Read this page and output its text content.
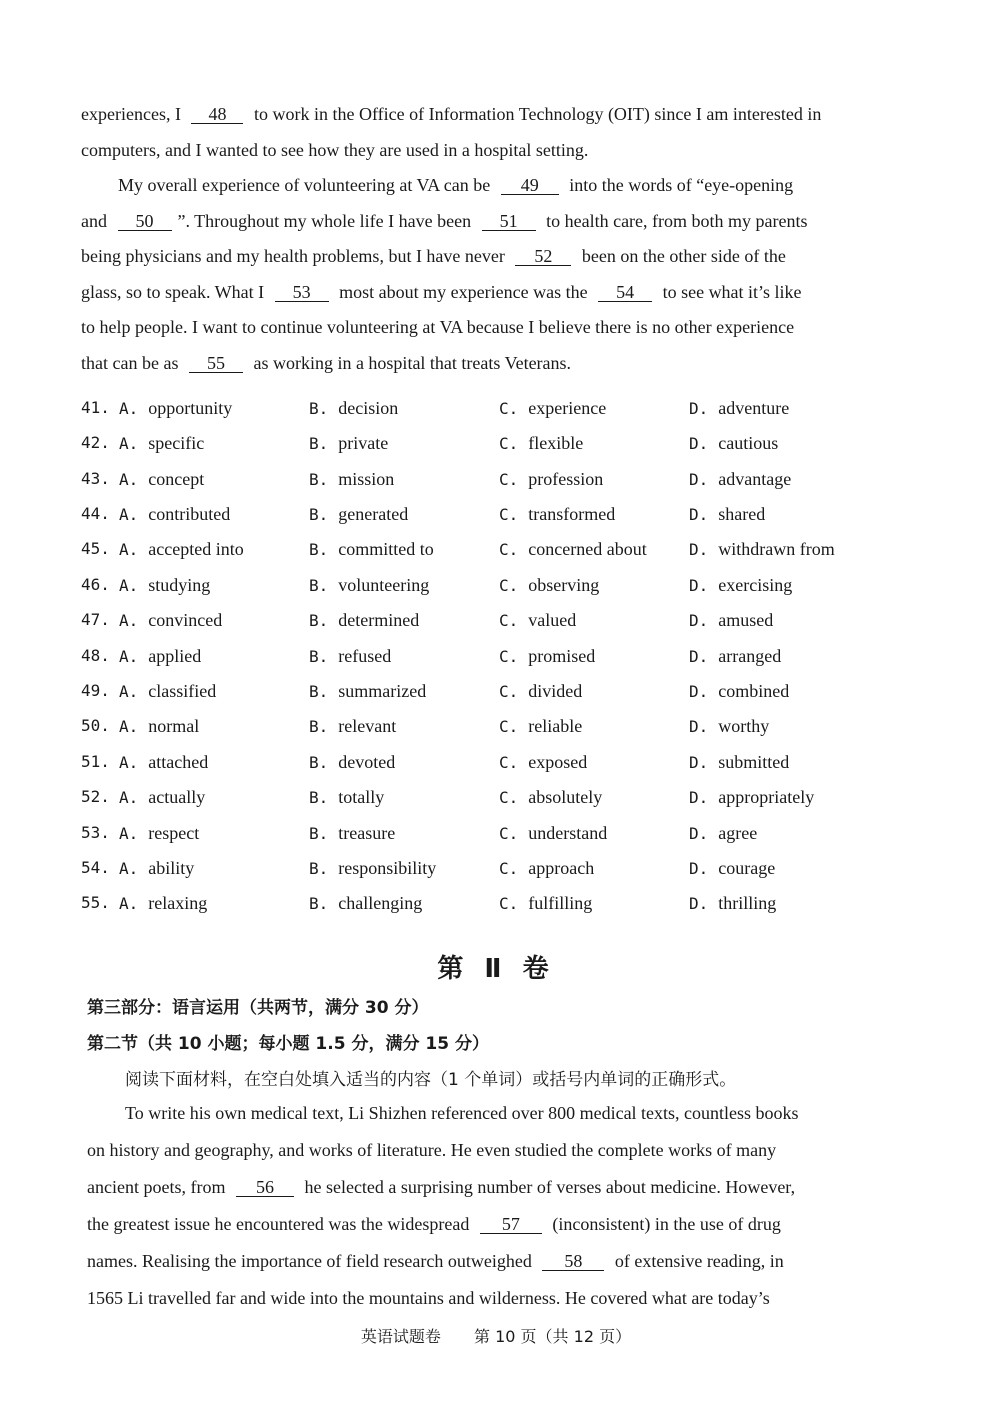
experiences, I 48 to work in the Office of Information Technology (OIT) since I am interested in
computers, and I wanted to see how they are used in a hospital setting.
My overall experience of volunteering at VA can be 49 into the words of “eye-opening
and 50 ”. Throughout my whole life I have been 51 to health care, from both my parents
being physicians and my health problems, but I have never 52 been on the other side of the
glass, so to speak. What I 53 most about my experience was the 54 to see what it’s like
to help people. I want to continue volunteering at VA because I believe there is no other experience
that can be as 55 as working in a hospital that treats Veterans.
41. A. opportunity	B. decision	C. experience	D. adventure
42. A. specific	B. private	C. flexible	D. cautious
43. A. concept	B. mission	C. profession	D. advantage
44. A. contributed	B. generated	C. transformed	D. shared
45. A. accepted into	B. committed to	C. concerned about	D. withdrawn from
46. A. studying	B. volunteering	C. observing	D. exercising
47. A. convinced	B. determined	C. valued	D. amused
48. A. applied	B. refused	C. promised	D. arranged
49. A. classified	B. summarized	C. divided	D. combined
50. A. normal	B. relevant	C. reliable	D. worthy
51. A. attached	B. devoted	C. exposed	D. submitted
52. A. actually	B. totally	C. absolutely	D. appropriately
53. A. respect	B. treasure	C. understand	D. agree
54. A. ability	B. responsibility	C. approach	D. courage
55. A. relaxing	B. challenging	C. fulfilling	D. thrilling
第 Ⅱ 卷
第三部分：语言运用（共两节，满分 30 分）
第二节（共 10 小题；每小题 1.5 分，满分 15 分）
阅读下面材料，在空白处填入适当的内容（1 个单词）或括号内单词的正确形式。
To write his own medical text, Li Shizhen referenced over 800 medical texts, countless books
on history and geography, and works of literature. He even studied the complete works of many
ancient poets, from 56 he selected a surprising number of verses about medicine. However,
the greatest issue he encountered was the widespread 57 (inconsistent) in the use of drug
names. Realising the importance of field research outweighed 58 of extensive reading, in
1565 Li travelled far and wide into the mountains and wilderness. He covered what are today’s
英语试题卷 第 10 页（共 12 页）
